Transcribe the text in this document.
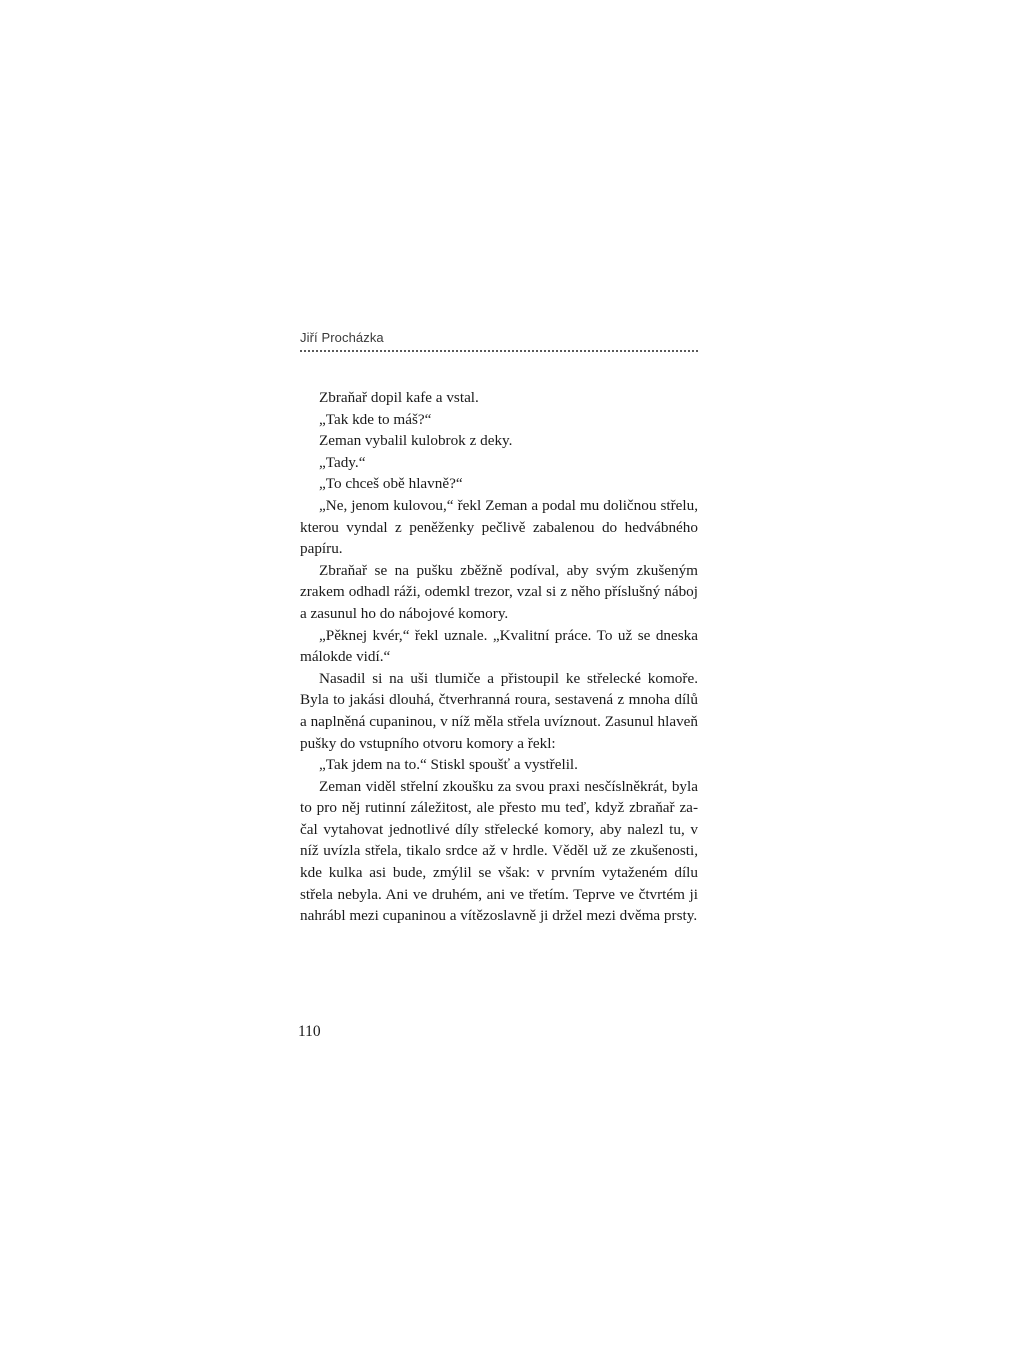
Jiří Procházka

Zbraňař dopil kafe a vstal.

„Tak kde to máš?“

Zeman vybalil kulobrok z deky.

„Tady.“

„To chceš obě hlavně?“

„Ne, jenom kulovou,“ řekl Zeman a podal mu doličnou střelu, kterou vyndal z peněženky pečlivě zabalenou do hedvábného papíru.

Zbraňař se na pušku zběžně podíval, aby svým zkušeným zrakem odhadl ráži, odemkl trezor, vzal si z něho příslušný náboj a zasunul ho do nábojové komory.

„Pěknej kvér,“ řekl uznale. „Kvalitní práce. To už se dneska málokde vidí.“

Nasadil si na uši tlumiče a přistoupil ke střelecké komoře. Byla to jakási dlouhá, čtverhranná roura, sestavená z mnoha dílů a naplněná cupaninou, v níž měla střela uvíznout. Zasunul hlaveň pušky do vstupního otvoru komory a řekl:

„Tak jdem na to.“ Stiskl spoušť a vystřelil.

Zeman viděl střelní zkoušku za svou praxi nesčíslněkrát, byla to pro něj rutinní záležitost, ale přesto mu teď, když zbraňař začal vytahovat jednotlivé díly střelecké komory, aby nalezl tu, v níž uvízla střela, tikalo srdce až v hrdle. Věděl už ze zkušenosti, kde kulka asi bude, zmýlil se však: v prvním vytaženém dílu střela nebyla. Ani ve druhém, ani ve třetím. Teprve ve čtvrtém ji nahrábl mezi cupaninou a vítězoslavně ji držel mezi dvěma prsty.

110
